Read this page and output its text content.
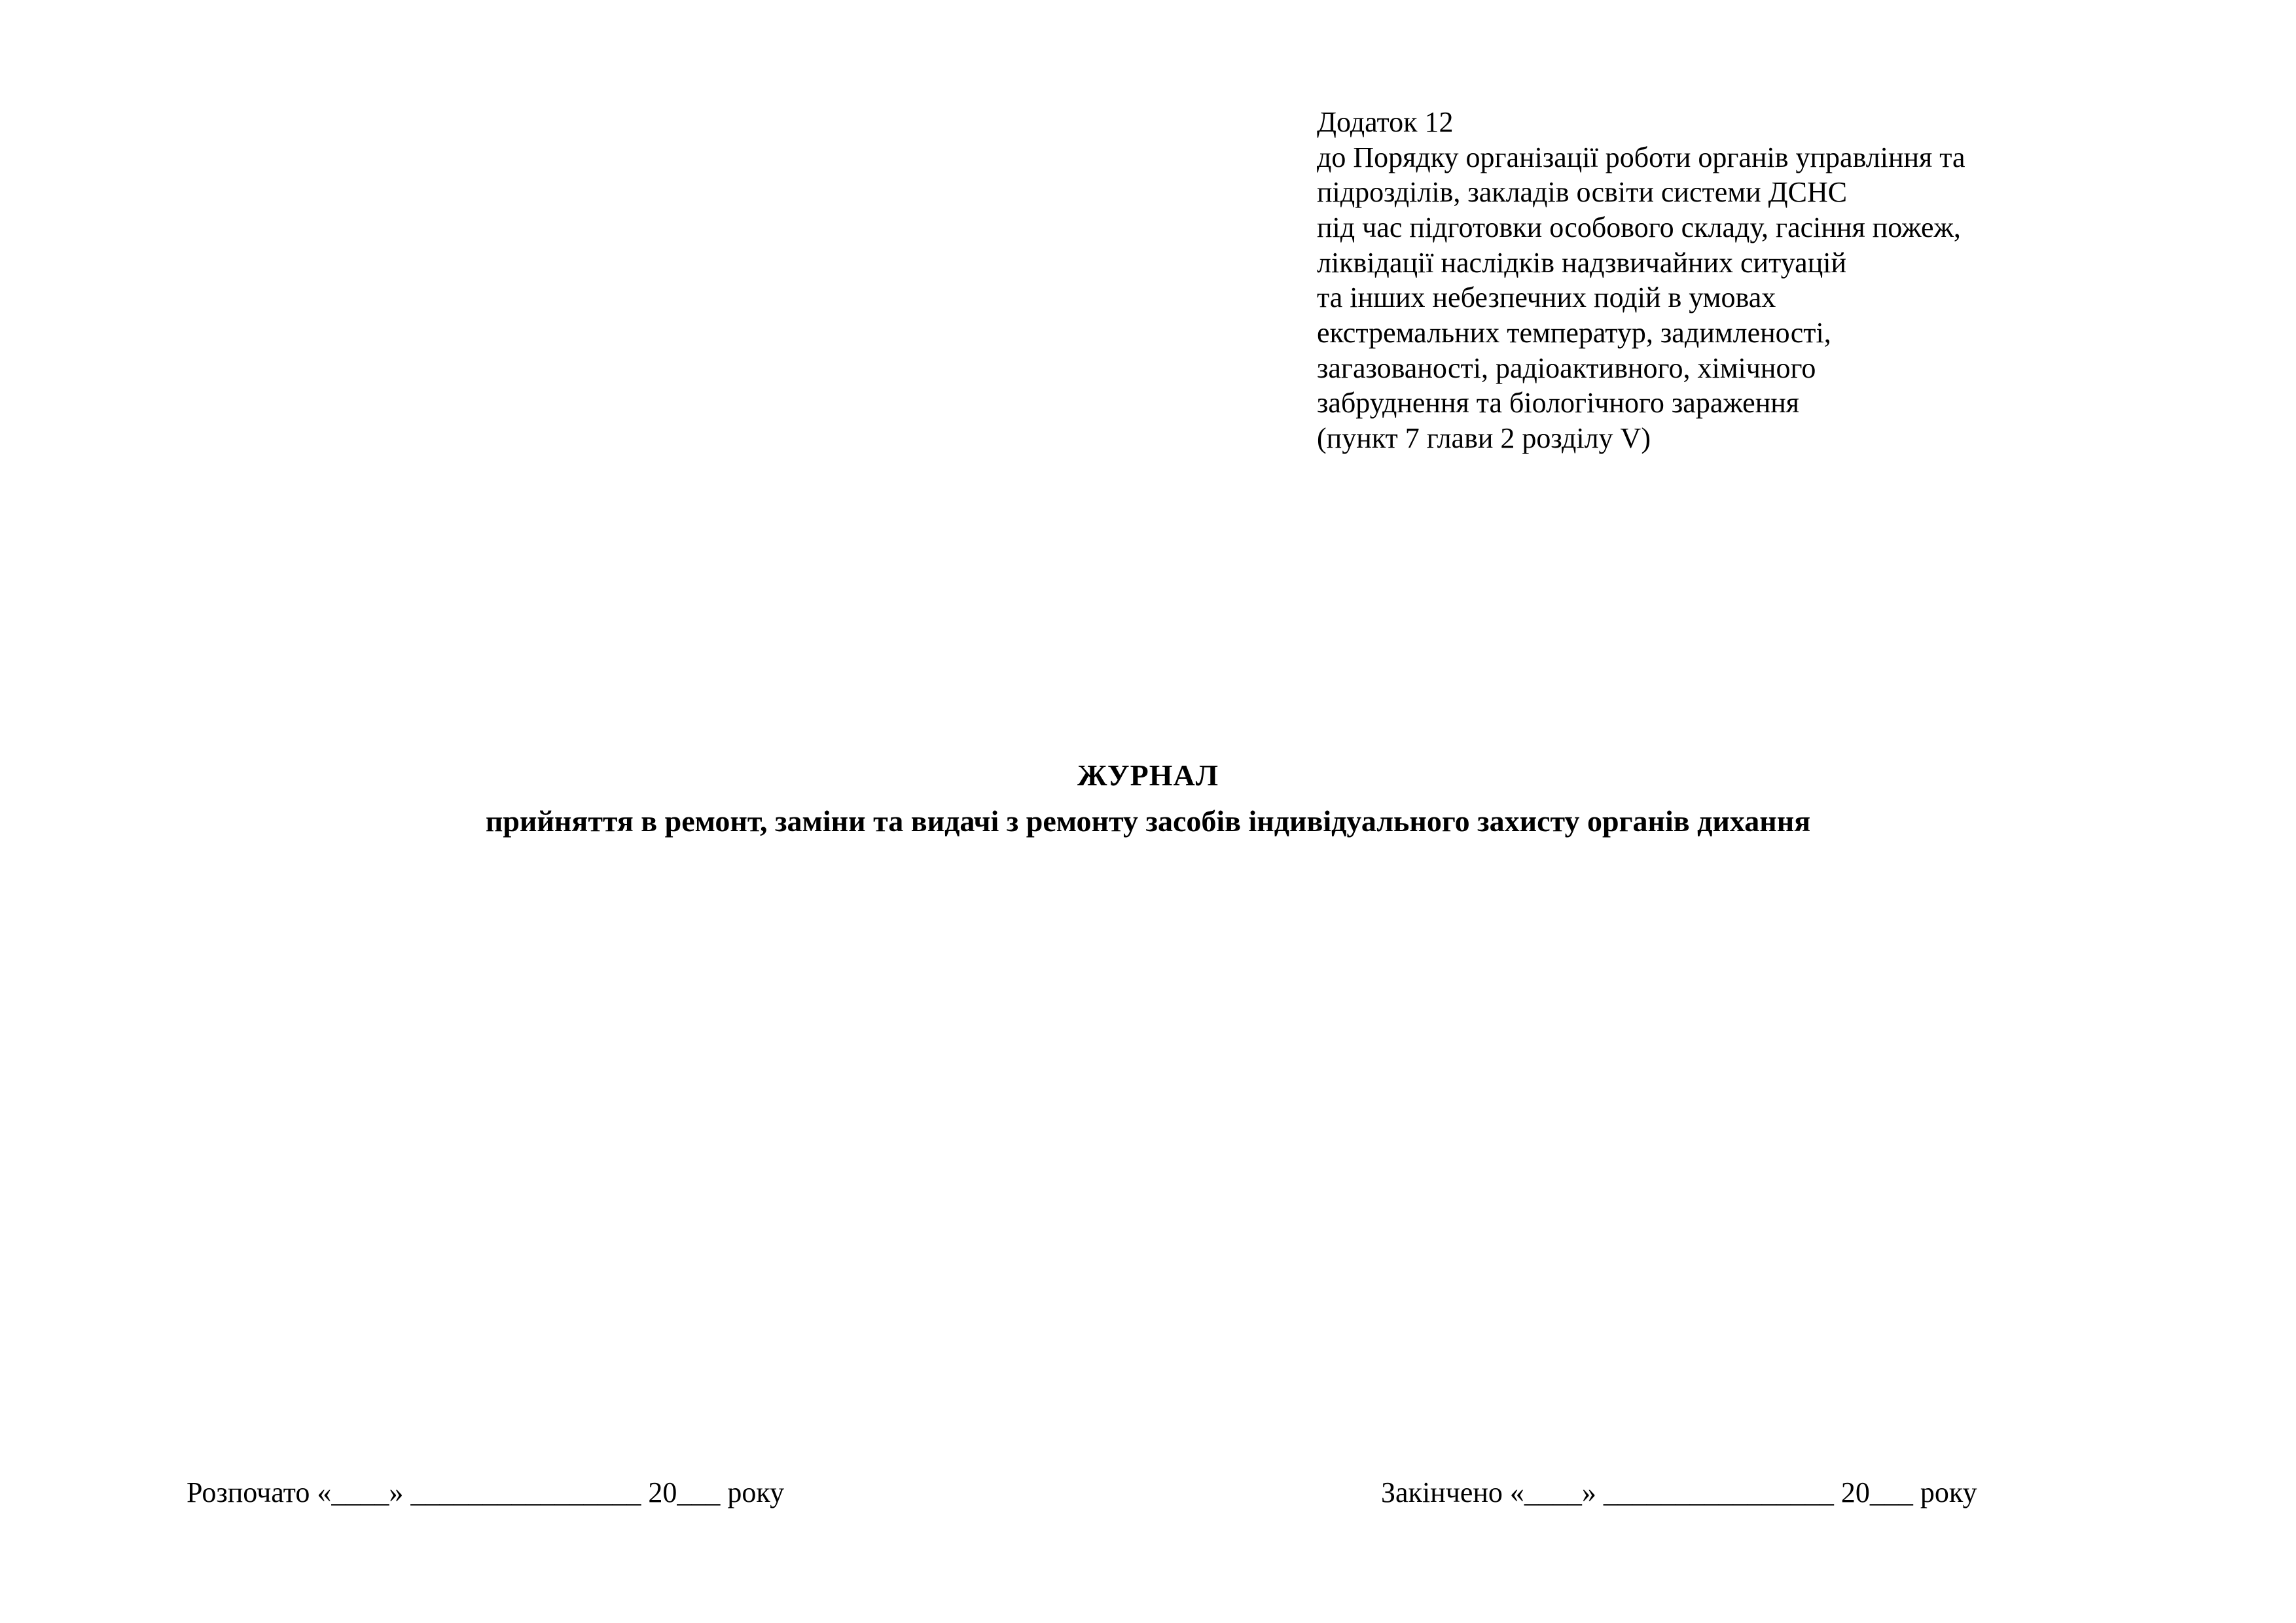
Додаток 12
до Порядку організації роботи органів управління та
підрозділів, закладів освіти системи ДСНС
під час підготовки особового складу, гасіння пожеж,
ліквідації наслідків надзвичайних ситуацій
та інших небезпечних подій в умовах
екстремальних температур, задимленості,
загазованості, радіоактивного, хімічного
забруднення та біологічного зараження
(пункт 7 глави 2 розділу V)
ЖУРНАЛ
прийняття в ремонт, заміни та видачі з ремонту засобів індивідуального захисту органів дихання
Розпочато «____» ________________ 20___ року	Закінчено «____» ________________ 20___ року
